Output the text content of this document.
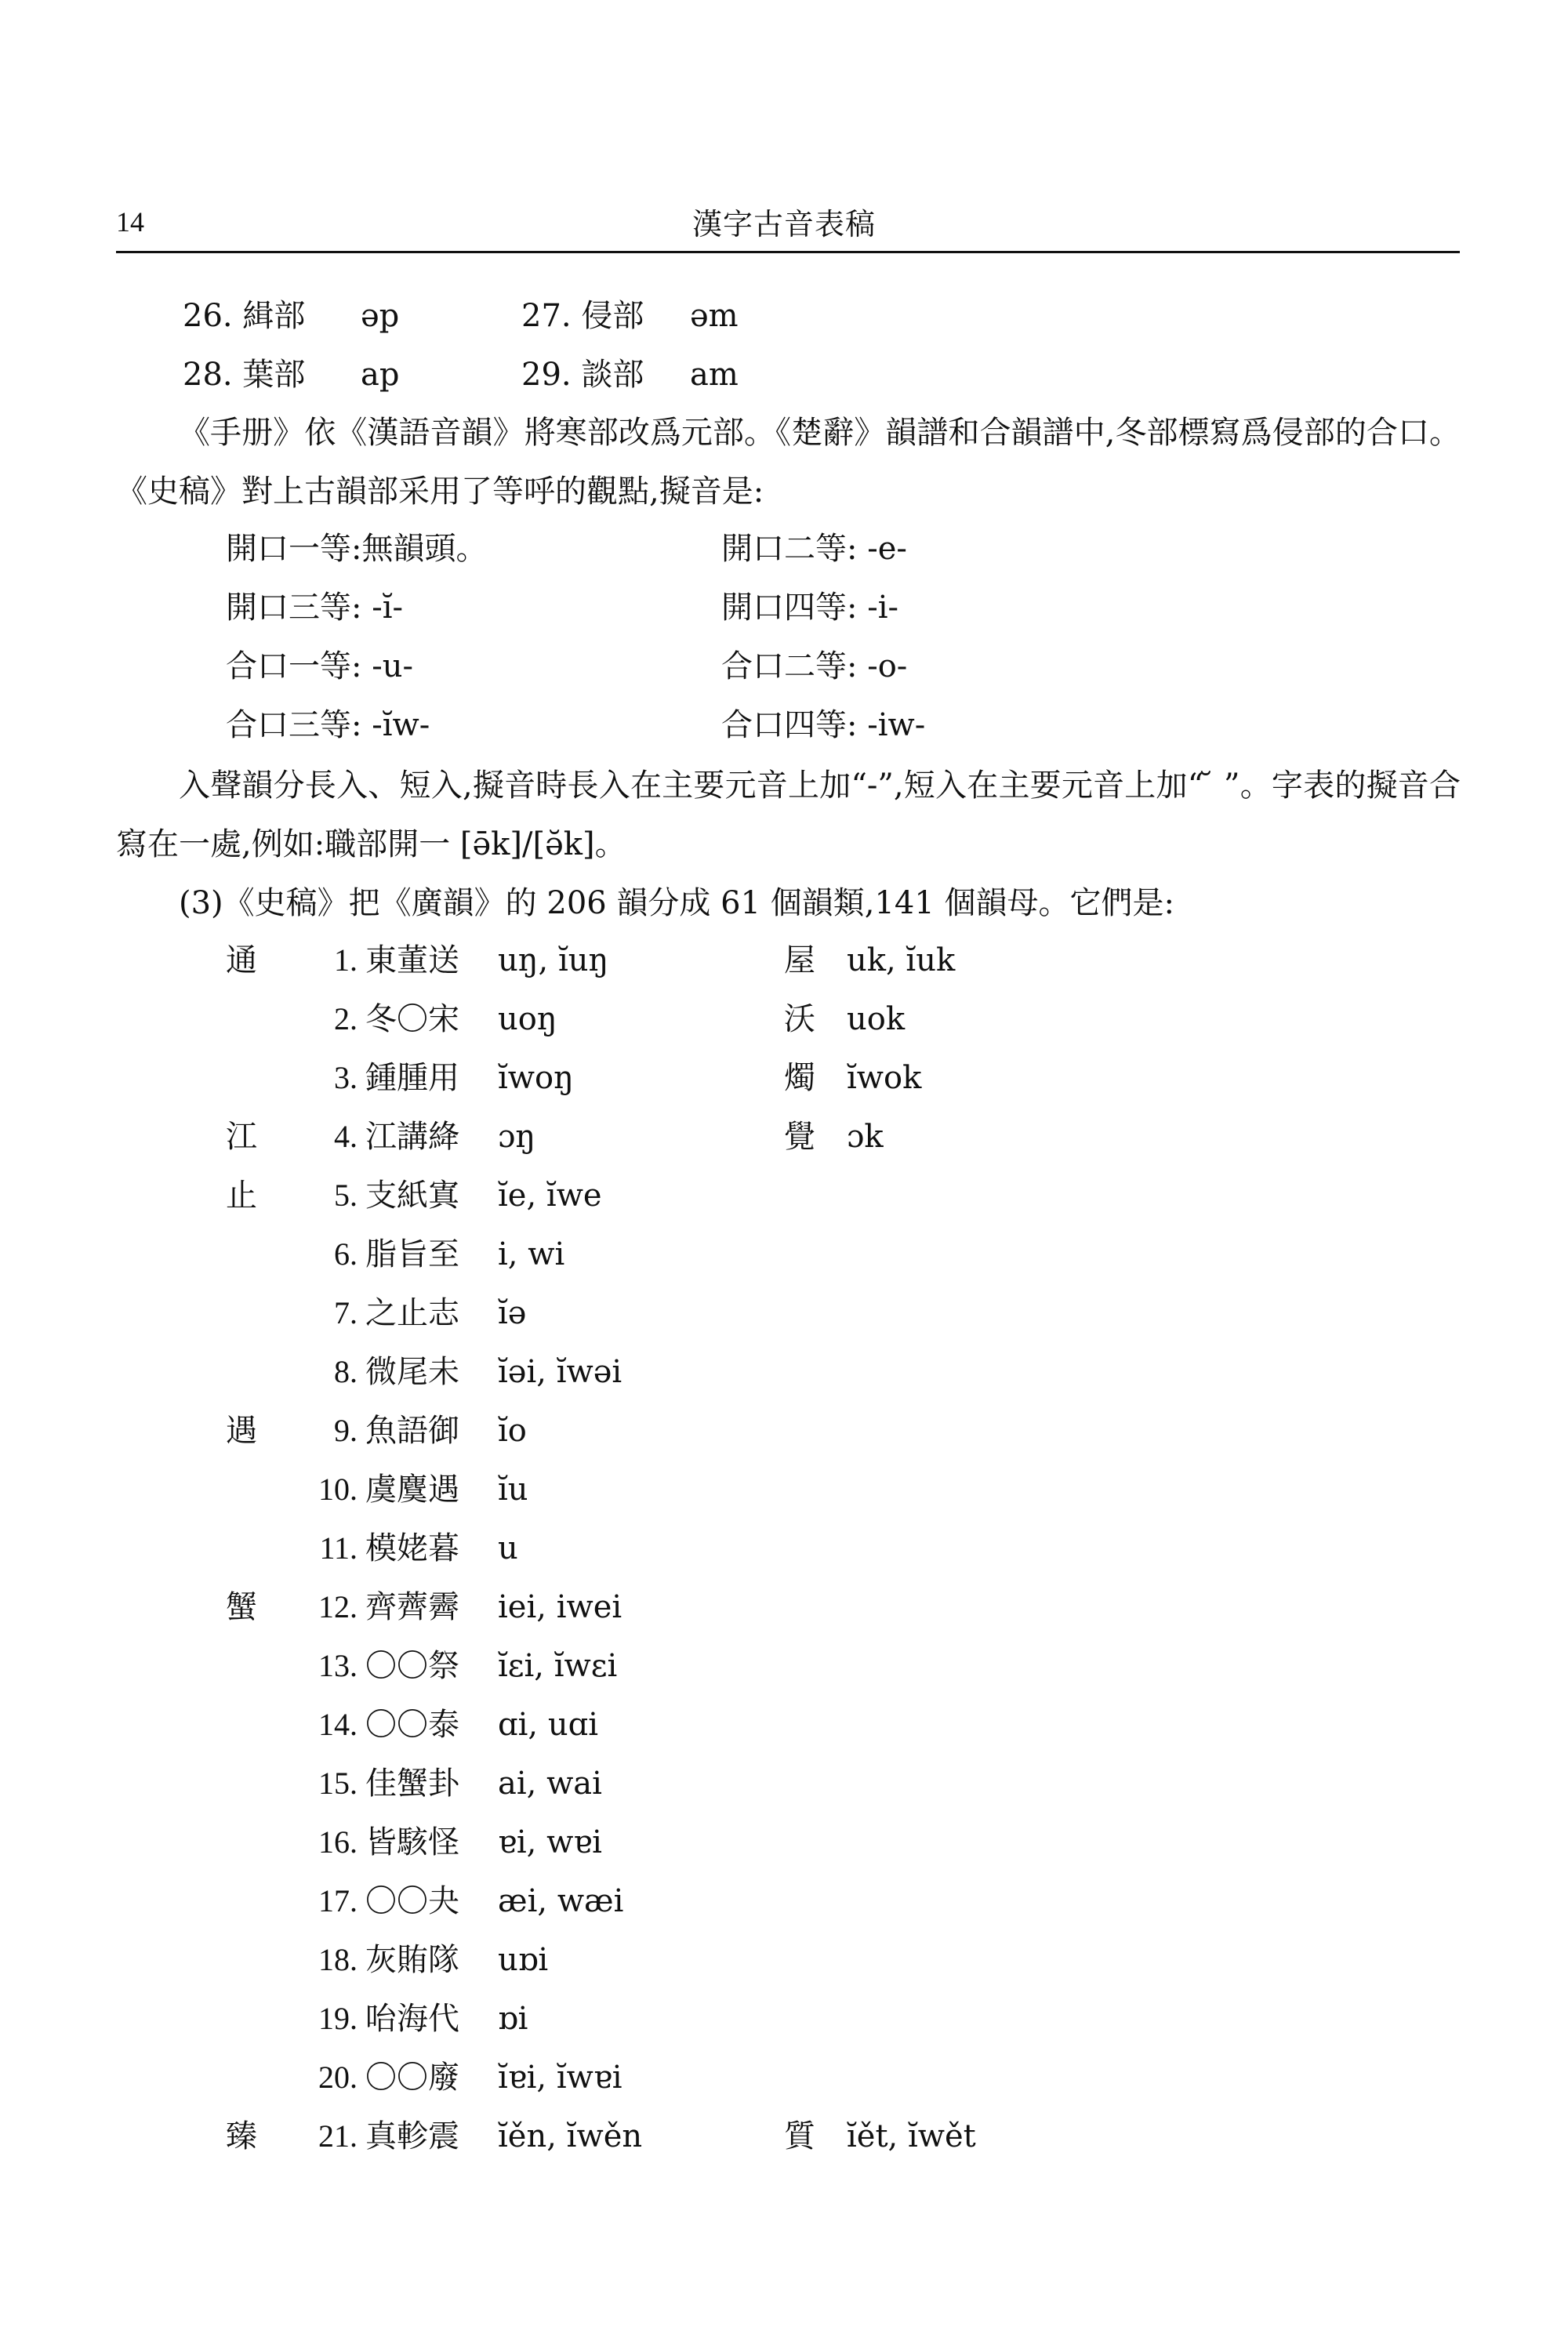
14	漢字古音表稿
26. 緝部 əp	27. 侵部 əm
28. 葉部 ap	29. 談部 am

《手册》依《漢語音韻》將寒部改爲元部。《楚辭》韻譜和合韻譜中,冬部標寫爲侵部的合口。《史稿》對上古韻部采用了等呼的觀點,擬音是:

開口一等:無韻頭。	開口二等: -e-
開口三等: -ĭ-	開口四等: -i-
合口一等: -u-	合口二等: -o-
合口三等: -ĭw-	合口四等: -iw-

入聲韻分長入、短入,擬音時長入在主要元音上加“-”,短入在主要元音上加“ ̆ ”。字表的擬音合寫在一處,例如:職部開一 [ə̄k]/[ə̆k]。

(3)《史稿》把《廣韻》的 206 韻分成 61 個韻類,141 個韻母。它們是:

通	1. 東董送 uŋ, ĭuŋ	屋 uk, ĭuk
2. 冬〇宋 uoŋ	沃 uok
3. 鍾腫用 ĭwoŋ	燭 ĭwok
江	4. 江講絳 ɔŋ	覺 ɔk
止	5. 支紙寘 ĭe, ĭwe
6. 脂旨至 i, wi
7. 之止志 ĭə
8. 微尾未 ĭəi, ĭwəi
遇	9. 魚語御 ĭo
10. 虞麌遇 ĭu
11. 模姥暮 u
蟹	12. 齊薺霽 iei, iwei
13. 〇〇祭 ĭɛi, ĭwɛi
14. 〇〇泰 ɑi, uɑi
15. 佳蟹卦 ai, wai
16. 皆駭怪 ɐi, wɐi
17. 〇〇夬 æi, wæi
18. 灰賄隊 uɒi
19. 咍海代 ɒi
20. 〇〇廢 ĭɐi, ĭwɐi
臻	21. 真軫震 ĭěn, ĭwěn	質 ĭět, ĭwět
